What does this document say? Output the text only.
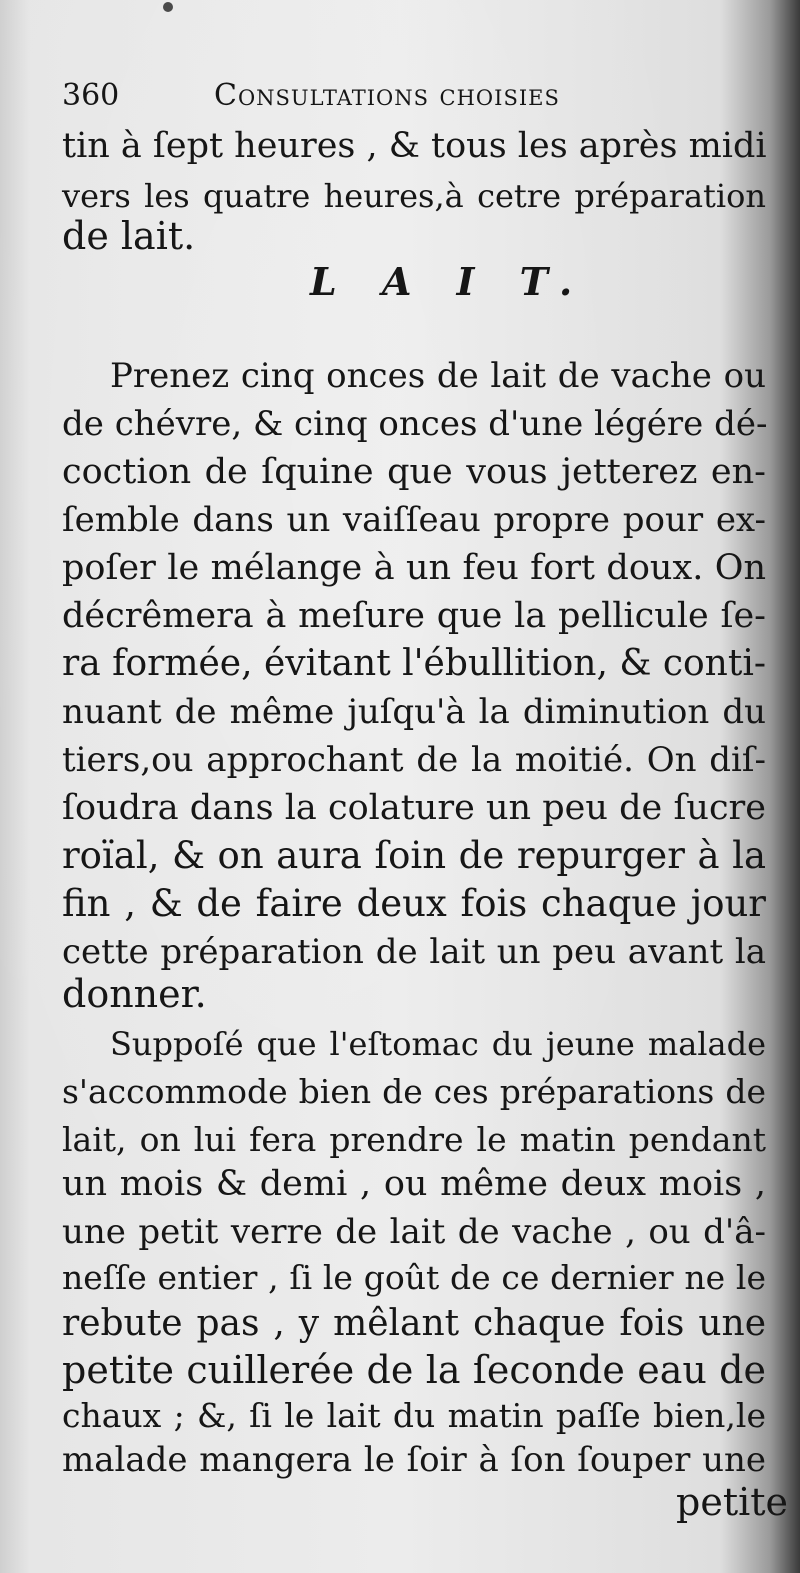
360	Consultations choisies
tin à ſept heures , & tous les après midi
vers les quatre heures,à cetre préparation
de lait.
L A I T.
Prenez cinq onces de lait de vache ou
de chévre, & cinq onces d'une légére dé-
coction de ſquine que vous jetterez en-
ſemble dans un vaiſſeau propre pour ex-
poſer le mélange à un feu fort doux. On
décrêmera à meſure que la pellicule ſe-
ra formée, évitant l'ébullition, & conti-
nuant de même juſqu'à la diminution du
tiers,ou approchant de la moitié. On diſ-
ſoudra dans la colature un peu de ſucre
roïal, & on aura ſoin de repurger à la
fin , & de faire deux fois chaque jour
cette préparation de lait un peu avant la
donner.
Suppoſé que l'eſtomac du jeune malade
s'accommode bien de ces préparations de
lait, on lui fera prendre le matin pendant
un mois & demi , ou même deux mois ,
une petit verre de lait de vache , ou d'â-
neſſe entier , ſi le goût de ce dernier ne le
rebute pas , y mêlant chaque fois une
petite cuillerée de la ſeconde eau de
chaux ; &, ſi le lait du matin paſſe bien,le
malade mangera le ſoir à ſon ſouper une
petite
